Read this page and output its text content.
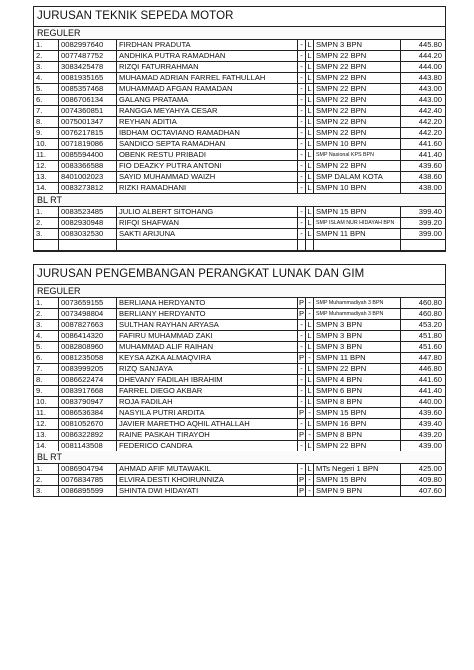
JURUSAN TEKNIK SEPEDA MOTOR
REGULER
1.	0082997640	FIRDHAN PRADUTA	-	L	SMPN 3 BPN	445.80
2.	0077487752	ANDHIKA PUTRA RAMADHAN	-	L	SMPN 22 BPN	444.20
3.	3083425478	RIZQI FATURRAHMAN	-	L	SMPN 22 BPN	444.00
4.	0081935165	MUHAMAD ADRIAN FARREL FATHULLAH	-	L	SMPN 22 BPN	443.80
5.	0085357468	MUHAMMAD AFGAN RAMADAN	-	L	SMPN 22 BPN	443.00
6.	0086706134	GALANG PRATAMA	-	L	SMPN 22 BPN	443.00
7.	0074360851	RANGGA MEYAHYA CESAR	-	L	SMPN 22 BPN	442.40
8.	0075001347	REYHAN ADITIA	-	L	SMPN 22 BPN	442.20
9.	0076217815	IBDHAM OCTAVIANO RAMADHAN	-	L	SMPN 22 BPN	442.20
10.	0071819086	SANDICO SEPTA RAMADHAN	-	L	SMPN 10 BPN	441.60
11.	0085594400	OBENK RESTU PRIBADI	-	L	SMP Nasional KPS BPN	441.40
12.	0083366588	FIO DEAZKY PUTRA ANTONI	-	L	SMPN 22 BPN	439.60
13.	8401002023	SAYID MUHAMMAD WAIZH	-	L	SMP DALAM KOTA	438.60
14.	0083273812	RIZKI RAMADHANI	-	L	SMPN 10 BPN	438.00
BL RT
1.	0083523485	JULIO ALBERT SITOHANG	-	L	SMPN 15 BPN	399.40
2.	0082930948	RIFQI SHAFWAN	-	L	SMP ISLAM NUR HIDAYAH BPN	399.20
3.	0083032530	SAKTI ARIJUNA	-	L	SMPN 11 BPN	399.00

JURUSAN PENGEMBANGAN PERANGKAT LUNAK DAN GIM
REGULER
1.	0073659155	BERLIANA HERDYANTO	P	-	SMP Muhammadiyah 3 BPN	460.80
2.	0073498804	BERLIANY HERDYANTO	P	-	SMP Muhammadiyah 3 BPN	460.80
3.	0087827663	SULTHAN RAYHAN ARYASA	-	L	SMPN 3 BPN	453.20
4.	0086414320	FAFIRU MUHAMMAD ZAKI	-	L	SMPN 3 BPN	451.80
5.	0082808960	MUHAMMAD ALIF RAIHAN	-	L	SMPN 3 BPN	451.60
6.	0081235058	KEYSA AZKA ALMAQVIRA	P	-	SMPN 11 BPN	447.80
7.	0083999205	RIZQ SANJAYA	-	L	SMPN 22 BPN	446.80
8.	0086622474	DHEVANY FADILAH IBRAHIM	-	L	SMPN 4 BPN	441.60
9.	0083917668	FARREL DIEGO AKBAR	-	L	SMPN 6 BPN	441.40
10.	0083790947	ROJA FADILAH	-	L	SMPN 8 BPN	440.00
11.	0086536384	NASYILA PUTRI ARDITA	P	-	SMPN 15 BPN	439.60
12.	0081052670	JAVIER MARETHO AQHIL ATHALLAH	-	L	SMPN 16 BPN	439.40
13.	0086322892	RAINE PASKAH TIRAYOH	P	-	SMPN 8 BPN	439.20
14.	0081143508	FEDERICO CANDRA	-	L	SMPN 22 BPN	439.00
BL RT
1.	0086904794	AHMAD AFIF MUTAWAKIL	-	L	MTs Negeri 1 BPN	425.00
2.	0076834785	ELVIRA DESTI KHOIRUNNIZA	P	-	SMPN 15 BPN	409.80
3.	0086895599	SHINTA DWI HIDAYATI	P	-	SMPN 9 BPN	407.60
